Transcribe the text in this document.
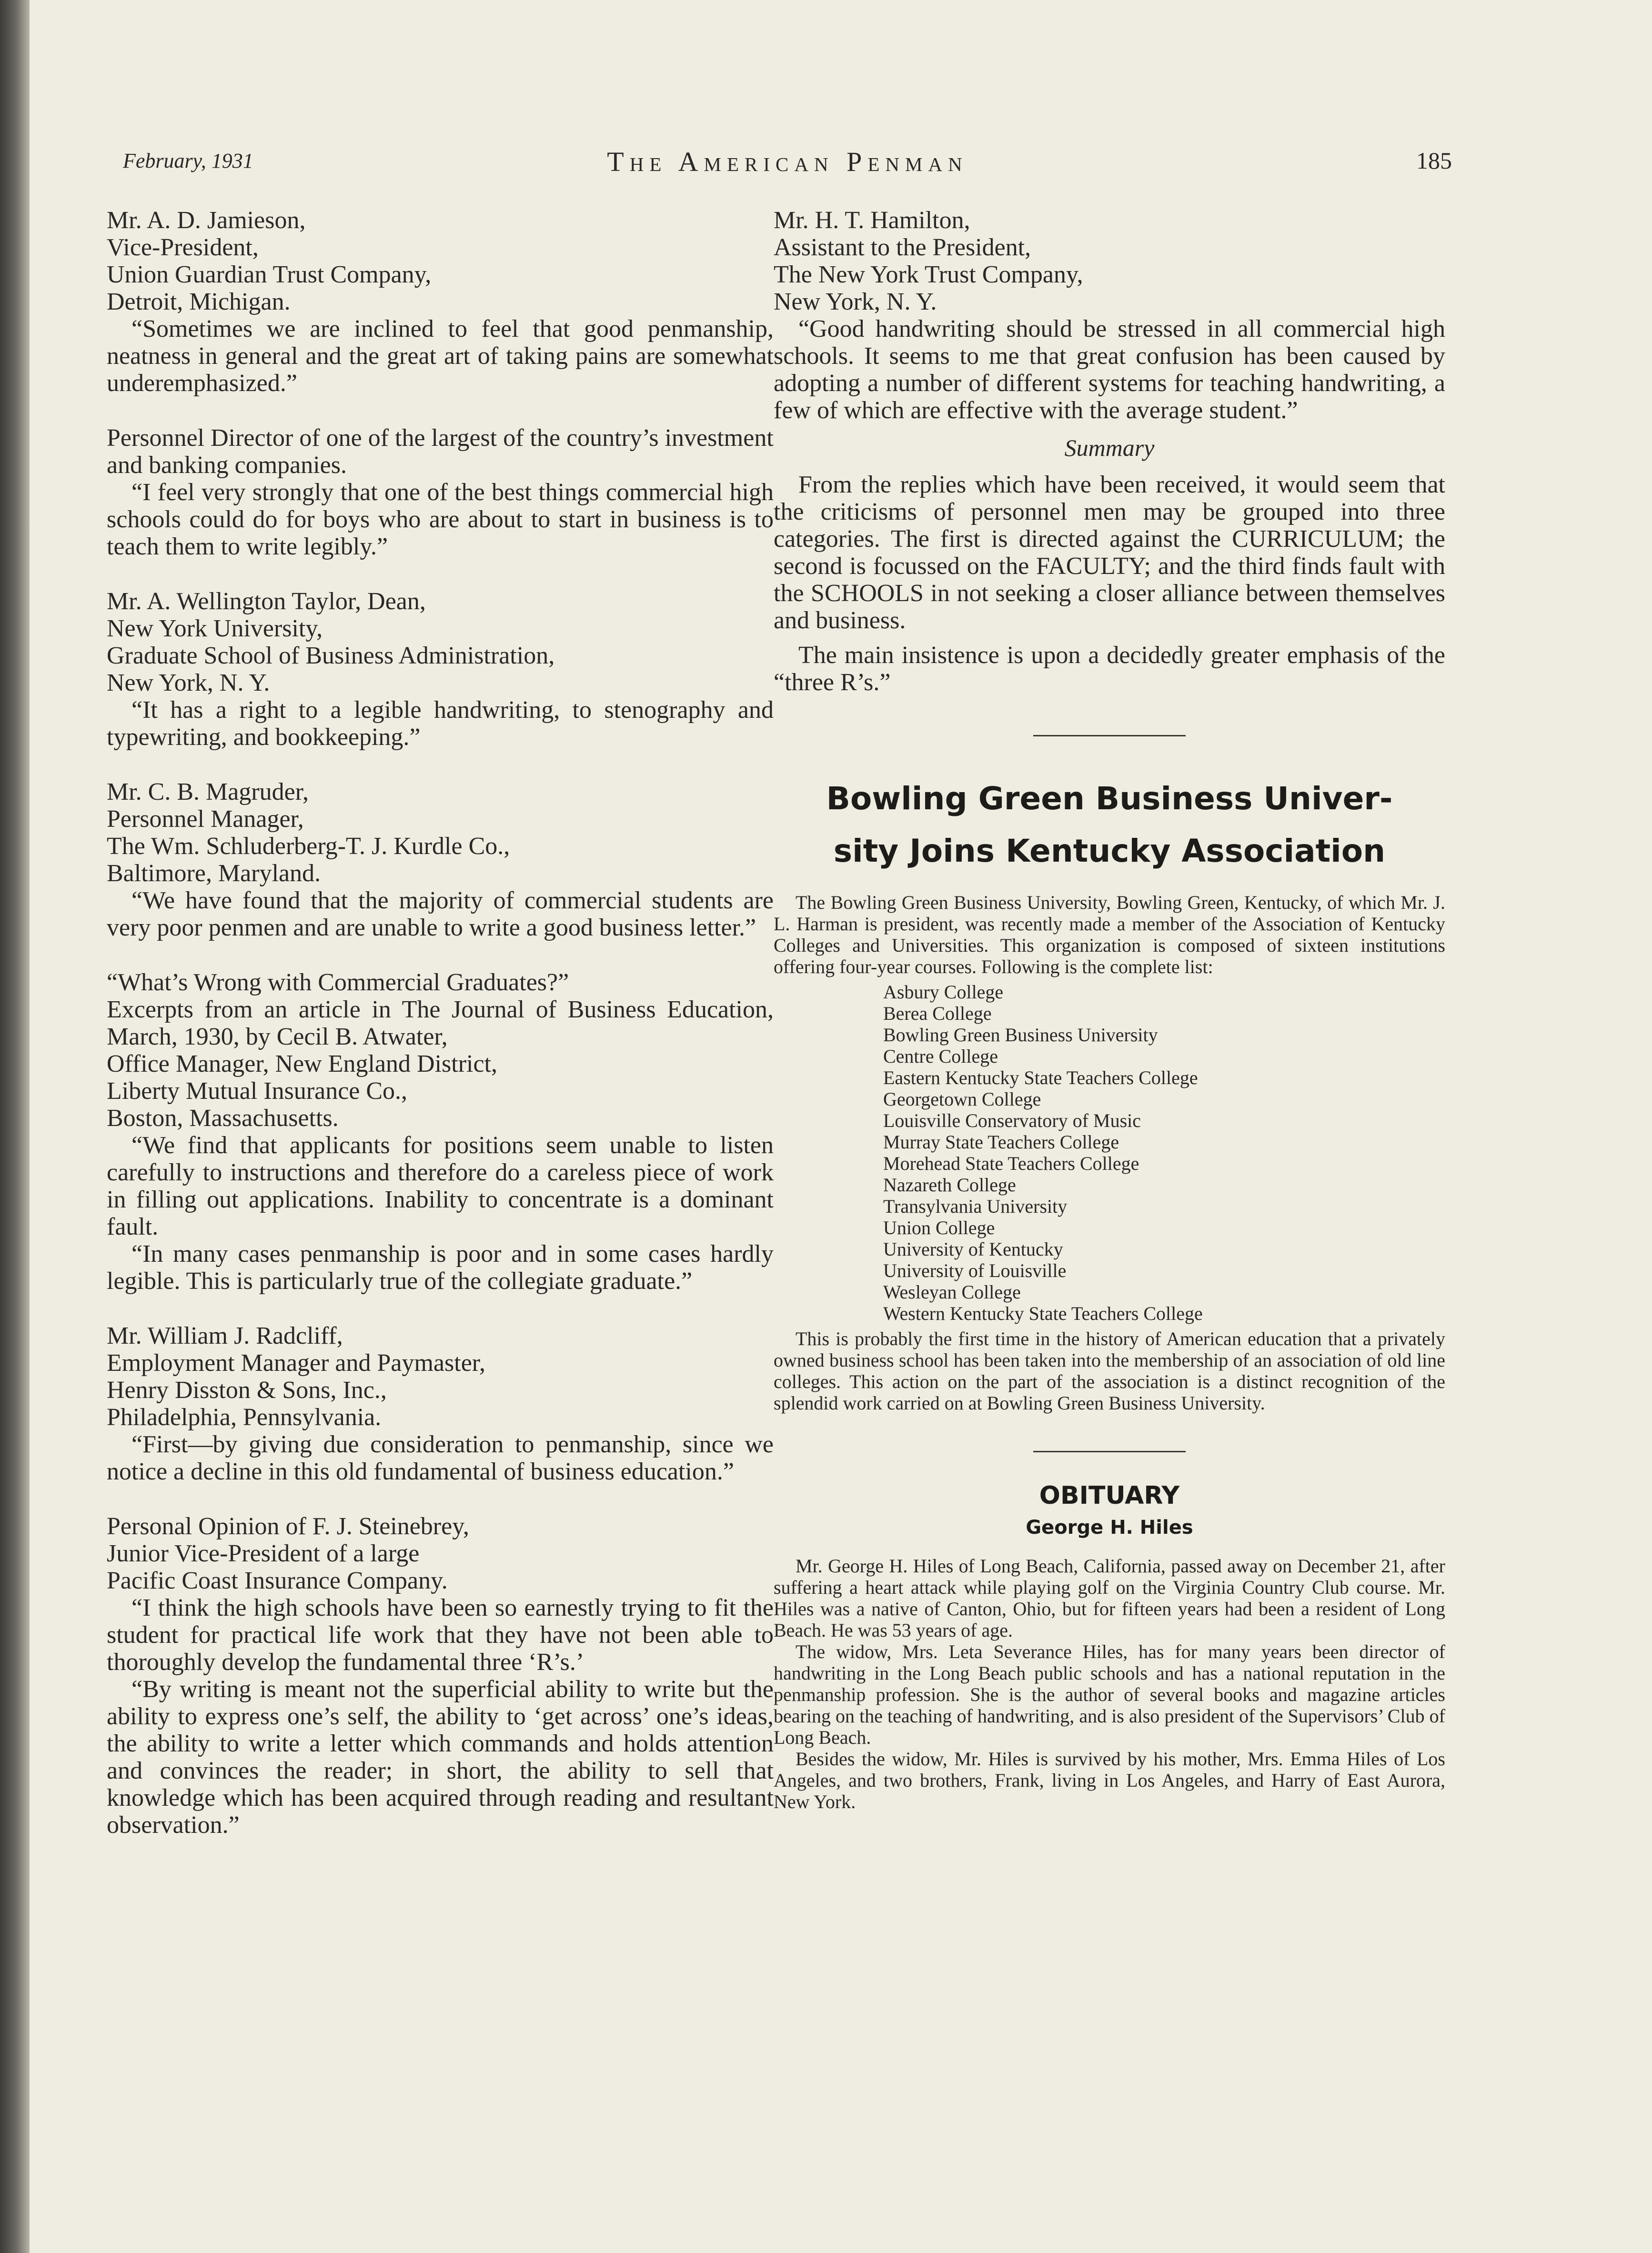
February, 1931	The American Penman	185
Mr. A. D. Jamieson,
Vice-President,
Union Guardian Trust Company,
Detroit, Michigan.

“Sometimes we are inclined to feel that good penmanship, neatness in general and the great art of taking pains are somewhat underemphasized.”

Personnel Director of one of the largest of the country’s investment and banking companies.

“I feel very strongly that one of the best things commercial high schools could do for boys who are about to start in business is to teach them to write legibly.”

Mr. A. Wellington Taylor, Dean,
New York University,
Graduate School of Business Administration,
New York, N. Y.

“It has a right to a legible handwriting, to stenography and typewriting, and bookkeeping.”

Mr. C. B. Magruder,
Personnel Manager,
The Wm. Schluderberg-T. J. Kurdle Co.,
Baltimore, Maryland.

“We have found that the majority of commercial students are very poor penmen and are unable to write a good business letter.”

“What’s Wrong with Commercial Graduates?”
Excerpts from an article in The Journal of Business Education, March, 1930, by Cecil B. Atwater,
Office Manager, New England District,
Liberty Mutual Insurance Co.,
Boston, Massachusetts.

“We find that applicants for positions seem unable to listen carefully to instructions and therefore do a careless piece of work in filling out applications. Inability to concentrate is a dominant fault.

“In many cases penmanship is poor and in some cases hardly legible. This is particularly true of the collegiate graduate.”

Mr. William J. Radcliff,
Employment Manager and Paymaster,
Henry Disston & Sons, Inc.,
Philadelphia, Pennsylvania.

“First—by giving due consideration to penmanship, since we notice a decline in this old fundamental of business education.”

Personal Opinion of F. J. Steinebrey,
Junior Vice-President of a large
Pacific Coast Insurance Company.

“I think the high schools have been so earnestly trying to fit the student for practical life work that they have not been able to thoroughly develop the fundamental three ‘R’s.’

“By writing is meant not the superficial ability to write but the ability to express one’s self, the ability to ‘get across’ one’s ideas, the ability to write a letter which commands and holds attention and convinces the reader; in short, the ability to sell that knowledge which has been acquired through reading and resultant observation.”

Mr. H. T. Hamilton,
Assistant to the President,
The New York Trust Company,
New York, N. Y.

“Good handwriting should be stressed in all commercial high schools. It seems to me that great confusion has been caused by adopting a number of different systems for teaching handwriting, a few of which are effective with the average student.”

Summary

From the replies which have been received, it would seem that the criticisms of personnel men may be grouped into three categories. The first is directed against the CURRICULUM; the second is focussed on the FACULTY; and the third finds fault with the SCHOOLS in not seeking a closer alliance between themselves and business.

The main insistence is upon a decidedly greater emphasis of the “three R’s.”

Bowling Green Business Univer-
sity Joins Kentucky Association

The Bowling Green Business University, Bowling Green, Kentucky, of which Mr. J. L. Harman is president, was recently made a member of the Association of Kentucky Colleges and Universities. This organization is composed of sixteen institutions offering four-year courses. Following is the complete list:

Asbury College
Berea College
Bowling Green Business University
Centre College
Eastern Kentucky State Teachers College
Georgetown College
Louisville Conservatory of Music
Murray State Teachers College
Morehead State Teachers College
Nazareth College
Transylvania University
Union College
University of Kentucky
University of Louisville
Wesleyan College
Western Kentucky State Teachers College

This is probably the first time in the history of American education that a privately owned business school has been taken into the membership of an association of old line colleges. This action on the part of the association is a distinct recognition of the splendid work carried on at Bowling Green Business University.

OBITUARY
George H. Hiles

Mr. George H. Hiles of Long Beach, California, passed away on December 21, after suffering a heart attack while playing golf on the Virginia Country Club course. Mr. Hiles was a native of Canton, Ohio, but for fifteen years had been a resident of Long Beach. He was 53 years of age.

The widow, Mrs. Leta Severance Hiles, has for many years been director of handwriting in the Long Beach public schools and has a national reputation in the penmanship profession. She is the author of several books and magazine articles bearing on the teaching of handwriting, and is also president of the Supervisors’ Club of Long Beach.

Besides the widow, Mr. Hiles is survived by his mother, Mrs. Emma Hiles of Los Angeles, and two brothers, Frank, living in Los Angeles, and Harry of East Aurora, New York.
